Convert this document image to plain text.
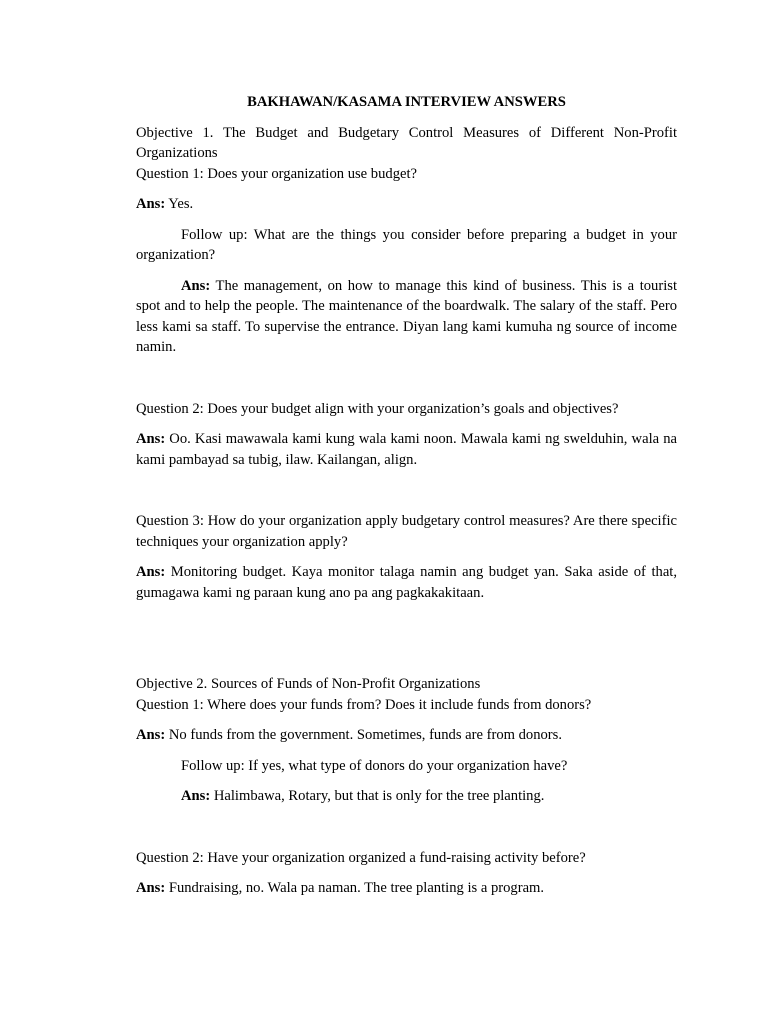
BAKHAWAN/KASAMA INTERVIEW ANSWERS

Objective 1. The Budget and Budgetary Control Measures of Different Non-Profit Organizations

Question 1: Does your organization use budget?

Ans: Yes.

Follow up: What are the things you consider before preparing a budget in your organization?

Ans: The management, on how to manage this kind of business. This is a tourist spot and to help the people. The maintenance of the boardwalk. The salary of the staff. Pero less kami sa staff. To supervise the entrance. Diyan lang kami kumuha ng source of income namin.

Question 2: Does your budget align with your organization’s goals and objectives?

Ans: Oo. Kasi mawawala kami kung wala kami noon. Mawala kami ng swelduhin, wala na kami pambayad sa tubig, ilaw. Kailangan, align.

Question 3: How do your organization apply budgetary control measures? Are there specific techniques your organization apply?

Ans: Monitoring budget. Kaya monitor talaga namin ang budget yan. Saka aside of that, gumagawa kami ng paraan kung ano pa ang pagkakakitaan.

Objective 2. Sources of Funds of Non-Profit Organizations

Question 1: Where does your funds from? Does it include funds from donors?

Ans: No funds from the government. Sometimes, funds are from donors.

Follow up: If yes, what type of donors do your organization have?

Ans: Halimbawa, Rotary, but that is only for the tree planting.

Question 2: Have your organization organized a fund-raising activity before?

Ans: Fundraising, no. Wala pa naman. The tree planting is a program.
